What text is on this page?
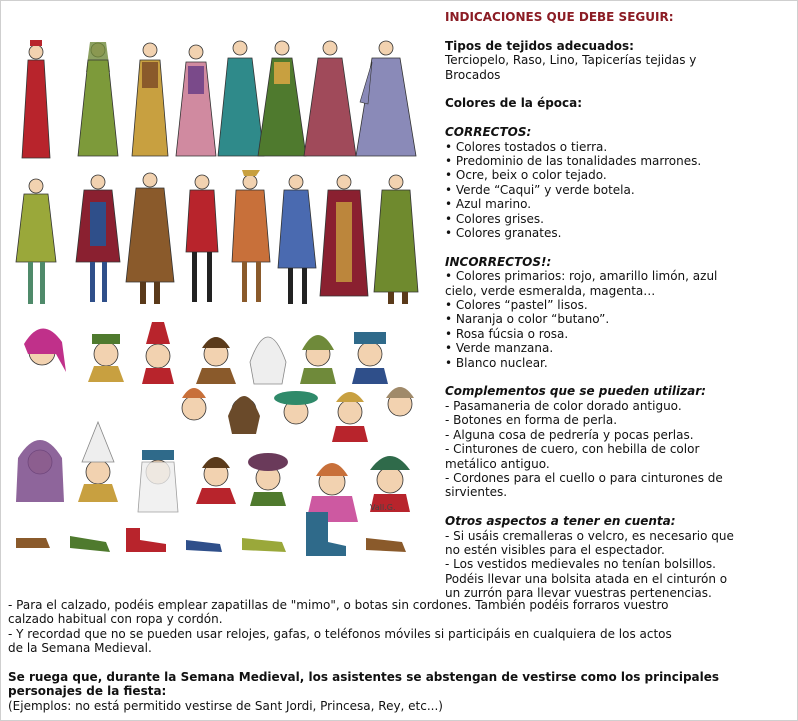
Vall.G.
INDICACIONES QUE DEBE SEGUIR:
Tipos de tejidos adecuados:
Terciopelo, Raso, Lino, Tapicerías tejidas y
Brocados
Colores de la época:
CORRECTOS:
• Colores tostados o tierra.
• Predominio de las tonalidades marrones.
• Ocre, beix o color tejado.
• Verde “Caqui” y verde botela.
• Azul marino.
• Colores grises.
• Colores granates.
INCORRECTOS!:
• Colores primarios: rojo, amarillo limón, azul
cielo, verde esmeralda, magenta…
• Colores “pastel” lisos.
• Naranja o color “butano”.
• Rosa fúcsia o rosa.
• Verde manzana.
• Blanco nuclear.
Complementos que se pueden utilizar:
- Pasamaneria de color dorado antiguo.
- Botones en forma de perla.
- Alguna cosa de pedrería y pocas perlas.
- Cinturones de cuero, con hebilla de color
metálico antiguo.
- Cordones para el cuello o para cinturones de
sirvientes.
Otros aspectos a tener en cuenta:
- Si usáis cremalleras o velcro, es necesario que
no estén visibles para el espectador.
- Los vestidos medievales no tenían bolsillos.
Podéis llevar una bolsita atada en el cinturón o
un zurrón para llevar vuestras pertenencias.
- Para el calzado, podéis emplear zapatillas de "mimo", o botas sin cordones. También podéis forraros vuestro
calzado habitual con ropa y cordón.
- Y recordad que no se pueden usar relojes, gafas, o teléfonos móviles si participáis en cualquiera de los actos
de la Semana Medieval.
Se ruega que, durante la Semana Medieval, los asistentes se abstengan de vestirse como los principales
personajes de la fiesta:
(Ejemplos: no está permitido vestirse de Sant Jordi, Princesa, Rey, etc...)
